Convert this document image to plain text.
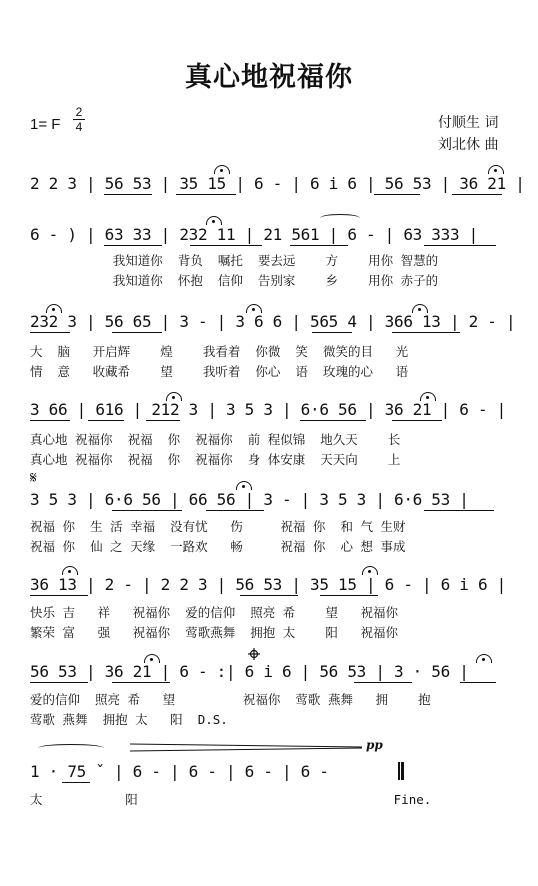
真心地祝福你
1= F
2
4	付顺生 词
刘北休 曲
2 2 3 | 56 53 | 35 15 | 6 - | 6 i 6 | 56 53 | 36 21 |
6 - ) | 63 33 | 232 11 | 21 561 | 6 - | 63 333 |
我知道你  背负  嘱托  要去远    方    用你 智慧的
我知道你  怀抱  信仰  告别家    乡    用你 赤子的
232 3 | 56 65 | 3 - | 3 6 6 | 565 4 | 366 13 | 2 - |
大  脑   开启辉    煌    我看着  你微  笑  微笑的目   光
情  意   收藏希    望    我听着  你心  语  玫瑰的心   语
3 66 | 616 | 212 3 | 3 5 3 | 6·6 56 | 36 21 | 6 - |
真心地 祝福你  祝福  你  祝福你  前 程似锦  地久天    长
真心地 祝福你  祝福  你  祝福你  身 体安康  天天向    上
𝄋
3 5 3 | 6·6 56 | 66 56 | 3 - | 3 5 3 | 6·6 53 |
祝福 你  生 活 幸福  没有忧   伤     祝福 你  和 气 生财
祝福 你  仙 之 天缘  一路欢   畅     祝福 你  心 想 事成
36 13 | 2 - | 2 2 3 | 56 53 | 35 15 | 6 - | 6 i 6 |
快乐 吉   祥   祝福你  爱的信仰  照亮 希    望   祝福你
繁荣 富   强   祝福你  莺歌燕舞  拥抱 太    阳   祝福你
56 53 | 36 21 | 6 - :| 6 i 6 | 56 53 | 3 · 56 |
爱的信仰  照亮 希   望         祝福你  莺歌 燕舞   拥    抱
莺歌 燕舞  拥抱 太   阳  D.S.
pp
1 · 75 ˇ | 6 - | 6 - | 6 - | 6 -
太           阳                                  Fine.
